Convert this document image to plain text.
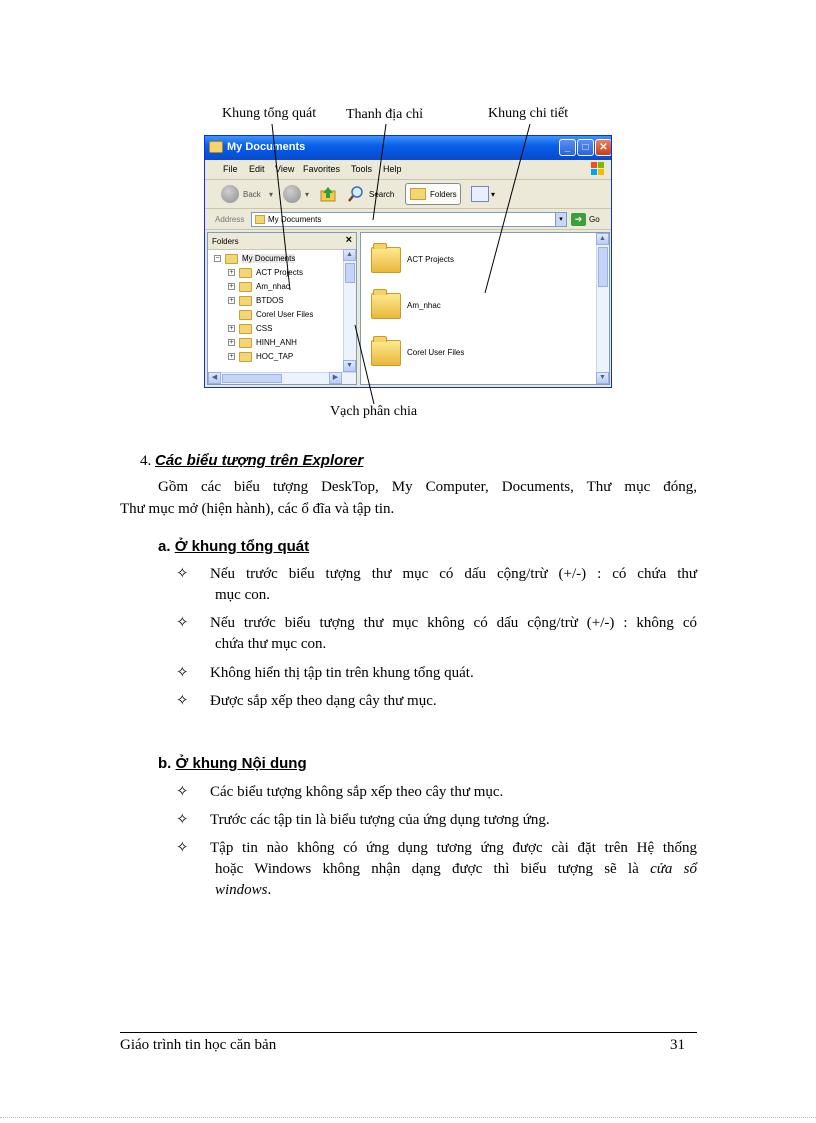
Khung tổng quát Thanh địa chỉ	Khung chi tiết
Vạch phân chia
My Documents	_	□	✕
File Edit View Favorites Tools Help
Back ▾	▾	Search	Folders	▾
Address	My Documents	▾	➔ Go
Folders	×
−	My Documents
+	ACT Projects
+	Am_nhac
+	BTDOS
Corel User Files
+	CSS
+	HINH_ANH
+	HOC_TAP
▲
▼
◀	▶
ACT Projects
Am_nhac
Corel User Files
▲
▼
4. Các biểu tượng trên Explorer
Gồm các biểu tượng DeskTop, My Computer, Documents, Thư mục đóng,
Thư mục mở (hiện hành), các ổ đĩa và tập tin.
a. Ở khung tổng quát
✧ Nếu trước biểu tượng thư mục có dấu cộng/trừ (+/-) : có chứa thư
mục con.
✧ Nếu trước biểu tượng thư mục không có dấu cộng/trừ (+/-) : không có
chứa thư mục con.
✧ Không hiển thị tập tin trên khung tổng quát.
✧ Được sắp xếp theo dạng cây thư mục.
b. Ở khung Nội dung
✧ Các biểu tượng không sắp xếp theo cây thư mục.
✧ Trước các tập tin là biểu tượng của ứng dụng tương ứng.
✧ Tập tin nào không có ứng dụng tương ứng được cài đặt trên Hệ thống
hoặc Windows không nhận dạng được thì biểu tượng sẽ là cửa sổ
windows.
Giáo trình tin học căn bản	31
